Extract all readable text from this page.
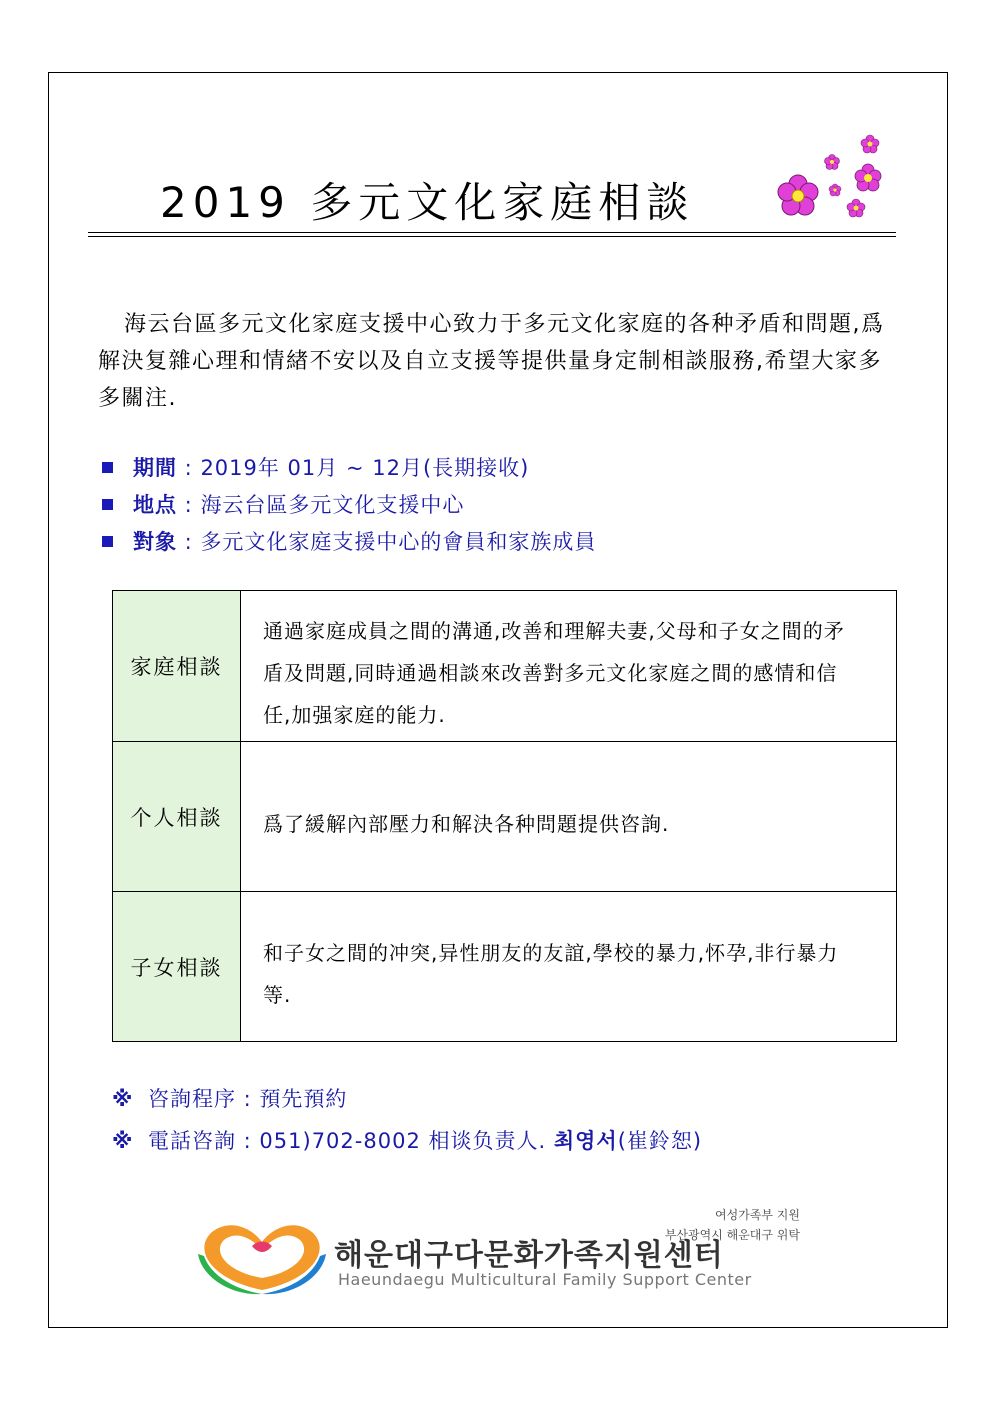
2019 多元文化家庭相談
海云台區多元文化家庭支援中心致力于多元文化家庭的各种矛盾和問題,爲解決复雜心理和情緖不安以及自立支援等提供量身定制相談服務,希望大家多多關注.
期間 : 2019年 01月 ~ 12月(長期接收)
地点 : 海云台區多元文化支援中心
對象 : 多元文化家庭支援中心的會員和家族成員
家庭相談
通過家庭成員之間的溝通,改善和理解夫妻,父母和子女之間的矛盾及問題,同時通過相談來改善對多元文化家庭之間的感情和信任,加强家庭的能力.
个人相談	爲了緩解內部壓力和解決各种問題提供咨詢.
子女相談
和子女之間的冲突,异性朋友的友誼,學校的暴力,怀孕,非行暴力等.
※ 咨詢程序 : 預先預約
※ 電話咨詢 : 051)702-8002 相谈负责人. 최영서(崔鈴恕)
여성가족부 지원
부산광역시 해운대구 위탁
해운대구다문화가족지원센터
Haeundaegu Multicultural Family Support Center
